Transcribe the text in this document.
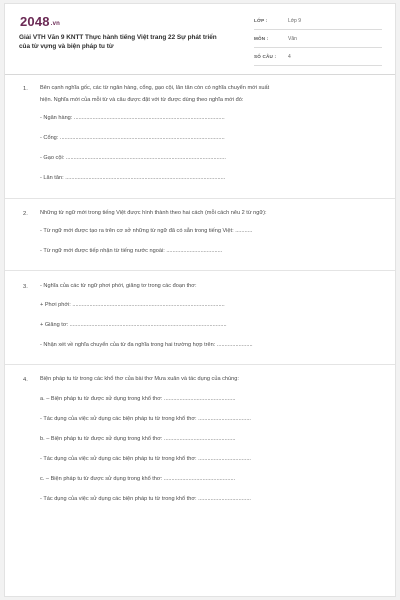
2048.vn
Giải VTH Văn 9 KNTT Thực hành tiếng Việt trang 22 Sự phát triển của từ vựng và biện pháp tu từ
LỚP :	Lớp 9
MÔN :	Văn
SỐ CÂU : 4
1. Bên cạnh nghĩa gốc, các từ ngân hàng, cổng, gạo cội, lân tân còn có nghĩa chuyển mới xuất
hiện. Nghĩa mới của mỗi từ và câu được đặt với từ được dùng theo nghĩa mới đó:
- Ngân hàng: .................................................................................................
- Cổng: ..........................................................................................................
- Gạo cội: .......................................................................................................
- Lân tân: .......................................................................................................
2. Những từ ngữ mới trong tiếng Việt được hình thành theo hai cách (mỗi cách nêu 2 từ ngữ):
- Từ ngữ mới được tạo ra trên cơ sở những từ ngữ đã có sẵn trong tiếng Việt: ...........
- Từ ngữ mới được tiếp nhận từ tiếng nước ngoài: ....................................
3. - Nghĩa của các từ ngữ phơi phới, giăng tơ trong các đoạn thơ:
+ Phơi phới: ..................................................................................................
+ Giăng tơ: .....................................................................................................
- Nhận xét về nghĩa chuyển của từ đa nghĩa trong hai trường hợp trên: .......................
4. Biện pháp tu từ trong các khổ thơ của bài thơ Mưa xuân và tác dụng của chúng:
a. – Biện pháp tu từ được sử dụng trong khổ thơ: ..............................................
- Tác dụng của việc sử dụng các biện pháp tu từ trong khổ thơ: ..................................
b. – Biện pháp tu từ được sử dụng trong khổ thơ: ..............................................
- Tác dụng của việc sử dụng các biện pháp tu từ trong khổ thơ: ..................................
c. – Biện pháp tu từ được sử dụng trong khổ thơ: ..............................................
- Tác dụng của việc sử dụng các biện pháp tu từ trong khổ thơ: ..................................
